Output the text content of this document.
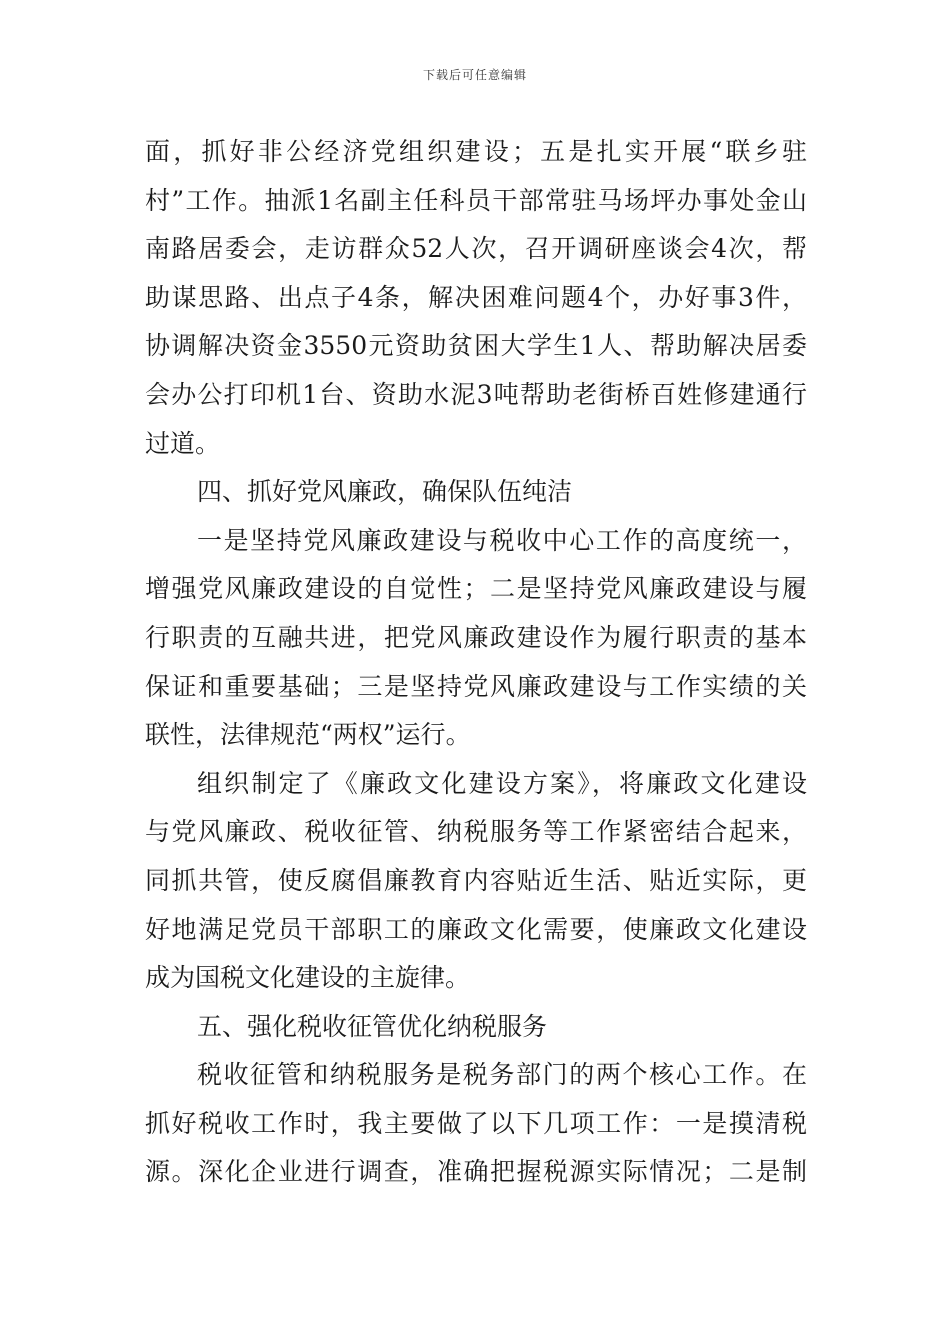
下载后可任意编辑
面，抓好非公经济党组织建设；五是扎实开展“联乡驻
村”工作。抽派1名副主任科员干部常驻马场坪办事处金山
南路居委会，走访群众52人次，召开调研座谈会4次，帮
助谋思路、出点子4条，解决困难问题4个，办好事3件，
协调解决资金3550元资助贫困大学生1人、帮助解决居委
会办公打印机1台、资助水泥3吨帮助老街桥百姓修建通行
过道。
四、抓好党风廉政，确保队伍纯洁
一是坚持党风廉政建设与税收中心工作的高度统一，
增强党风廉政建设的自觉性；二是坚持党风廉政建设与履
行职责的互融共进，把党风廉政建设作为履行职责的基本
保证和重要基础；三是坚持党风廉政建设与工作实绩的关
联性，法律规范“两权”运行。
组织制定了《廉政文化建设方案》，将廉政文化建设
与党风廉政、税收征管、纳税服务等工作紧密结合起来，
同抓共管，使反腐倡廉教育内容贴近生活、贴近实际，更
好地满足党员干部职工的廉政文化需要，使廉政文化建设
成为国税文化建设的主旋律。
五、强化税收征管优化纳税服务
税收征管和纳税服务是税务部门的两个核心工作。在
抓好税收工作时，我主要做了以下几项工作：一是摸清税
源。深化企业进行调查，准确把握税源实际情况；二是制
